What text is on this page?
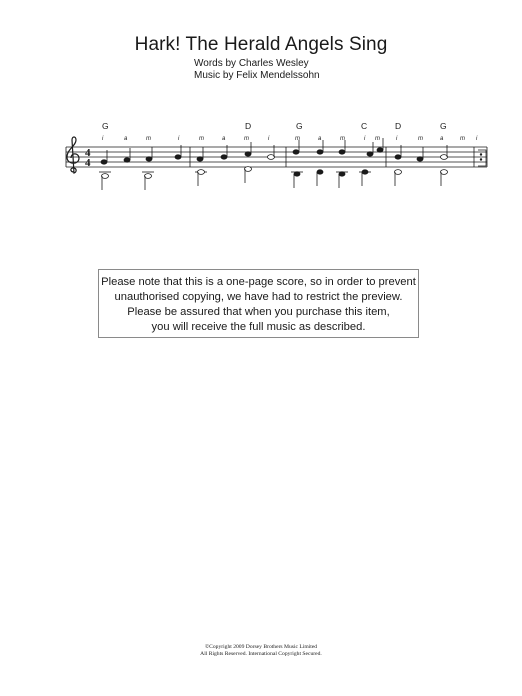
Hark! The Herald Angels Sing
Words by Charles Wesley
Music by Felix Mendelssohn
G	D	G	C	D	G
i	a	m	i	m	a	m	i	m	a	m	i m	i	m	a	m i
4
4
Please note that this is a one-page score, so in order to prevent
unauthorised copying, we have had to restrict the preview.
Please be assured that when you purchase this item,
you will receive the full music as described.
©Copyright 2009 Dorsey Brothers Music Limited
All Rights Reserved. International Copyright Secured.
